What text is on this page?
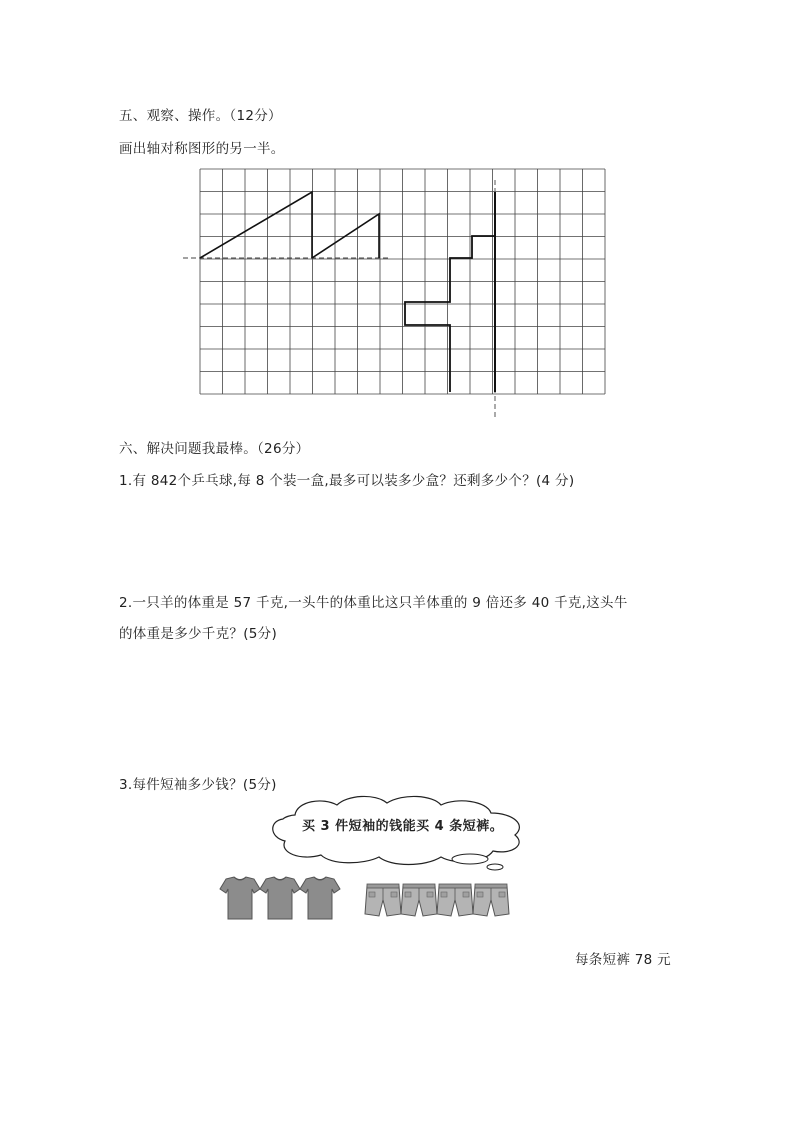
五、观察、操作。（12分）
画出轴对称图形的另一半。
六、解决问题我最棒。（26分）
1.有 842个乒乓球,每 8 个装一盒,最多可以装多少盒？还剩多少个？(4 分)
2.一只羊的体重是 57 千克,一头牛的体重比这只羊体重的 9 倍还多 40 千克,这头牛
的体重是多少千克？(5分)
3.每件短袖多少钱？(5分)
买 3 件短袖的钱能买 4 条短裤。
每条短裤 78 元
